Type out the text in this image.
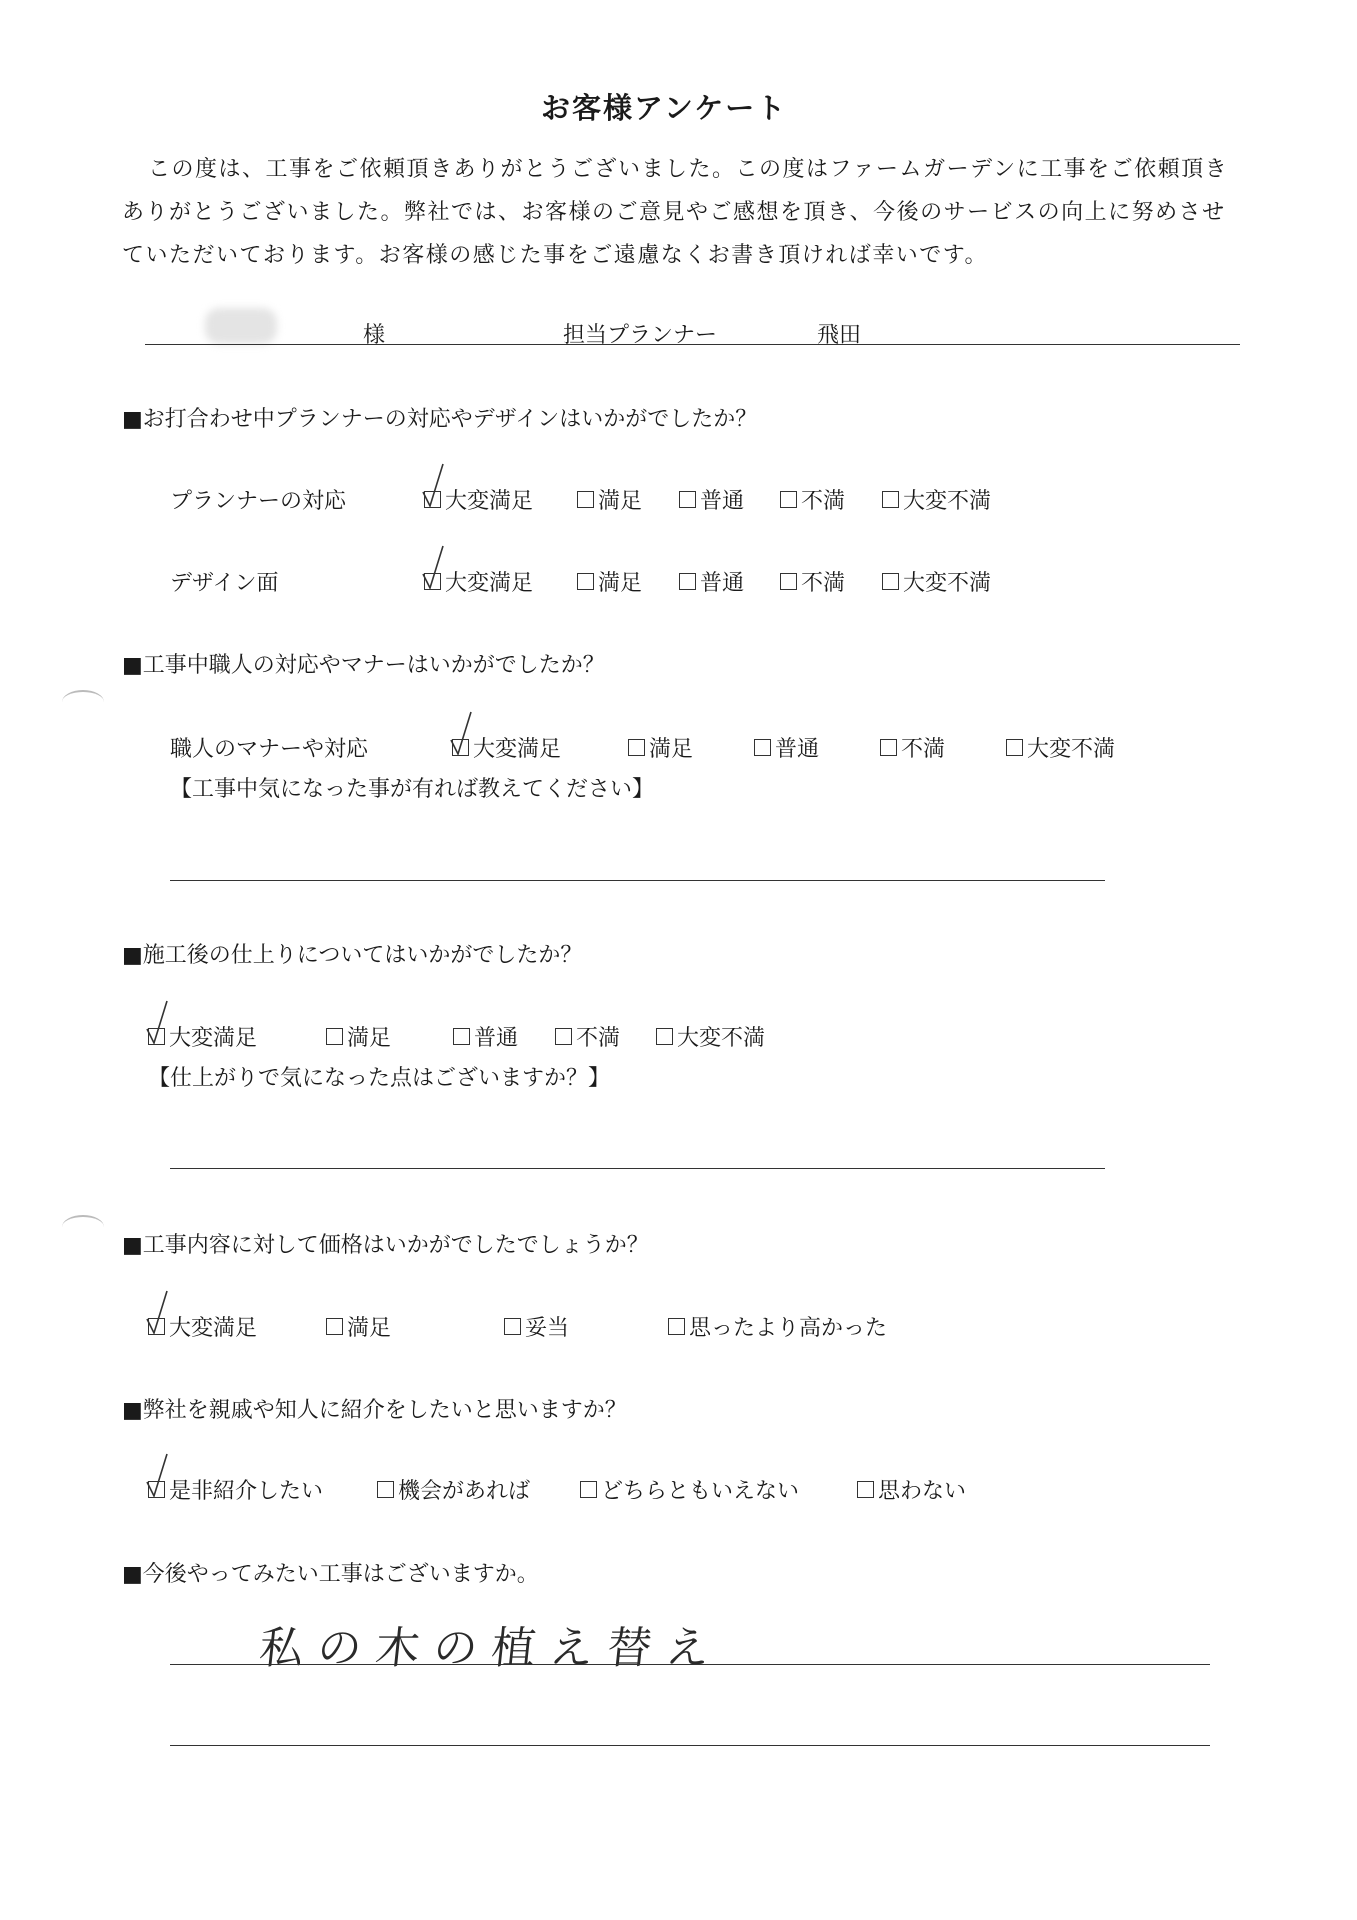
お客様アンケート
この度は、工事をご依頼頂きありがとうございました。この度はファームガーデンに工事をご依頼頂き
ありがとうございました。弊社では、お客様のご意見やご感想を頂き、今後のサービスの向上に努めさせ
ていただいております。お客様の感じた事をご遠慮なくお書き頂ければ幸いです。
様	担当プランナー	飛田
■お打合わせ中プランナーの対応やデザインはいかがでしたか？
プランナーの対応	大変満足	満足	普通	不満	大変不満
デザイン面	大変満足	満足	普通	不満	大変不満
■工事中職人の対応やマナーはいかがでしたか？
職人のマナーや対応	大変満足	満足	普通	不満	大変不満
【工事中気になった事が有れば教えてください】
■施工後の仕上りについてはいかがでしたか？
大変満足	満足	普通	不満	大変不満
【仕上がりで気になった点はございますか？】
■工事内容に対して価格はいかがでしたでしょうか？
大変満足	満足	妥当	思ったより高かった
■弊社を親戚や知人に紹介をしたいと思いますか？
是非紹介したい	機会があれば	どちらともいえない	思わない
■今後やってみたい工事はございますか。
私の木の植え替え
